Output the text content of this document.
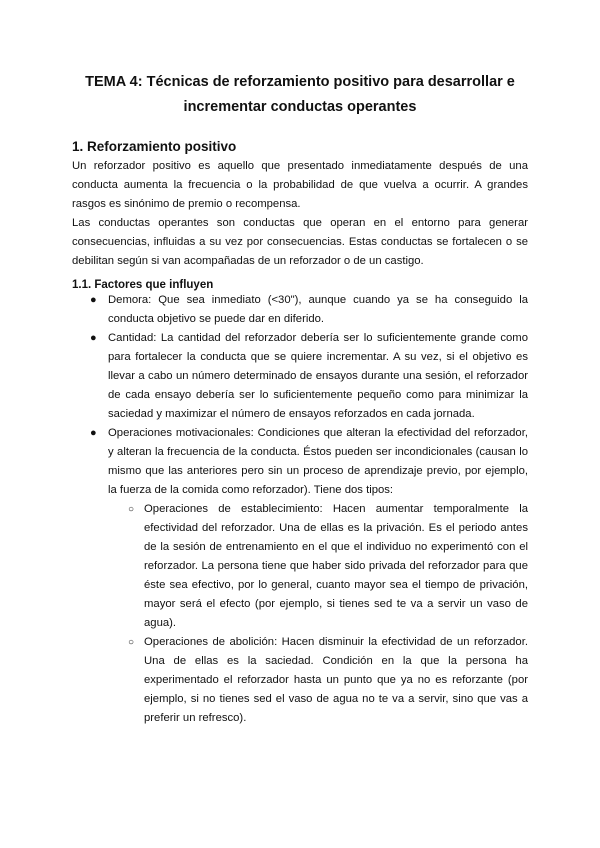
TEMA 4: Técnicas de reforzamiento positivo para desarrollar e
incrementar conductas operantes
1. Reforzamiento positivo
Un reforzador positivo es aquello que presentado inmediatamente después de una conducta aumenta la frecuencia o la probabilidad de que vuelva a ocurrir. A grandes rasgos es sinónimo de premio o recompensa.
Las conductas operantes son conductas que operan en el entorno para generar consecuencias, influidas a su vez por consecuencias. Estas conductas se fortalecen o se debilitan según si van acompañadas de un reforzador o de un castigo.
1.1. Factores que influyen
● Demora: Que sea inmediato (<30"), aunque cuando ya se ha conseguido la conducta objetivo se puede dar en diferido.
● Cantidad: La cantidad del reforzador debería ser lo suficientemente grande como para fortalecer la conducta que se quiere incrementar. A su vez, si el objetivo es llevar a cabo un número determinado de ensayos durante una sesión, el reforzador de cada ensayo debería ser lo suficientemente pequeño como para minimizar la saciedad y maximizar el número de ensayos reforzados en cada jornada.
● Operaciones motivacionales: Condiciones que alteran la efectividad del reforzador, y alteran la frecuencia de la conducta. Éstos pueden ser incondicionales (causan lo mismo que las anteriores pero sin un proceso de aprendizaje previo, por ejemplo, la fuerza de la comida como reforzador). Tiene dos tipos:
○ Operaciones de establecimiento: Hacen aumentar temporalmente la efectividad del reforzador. Una de ellas es la privación. Es el periodo antes de la sesión de entrenamiento en el que el individuo no experimentó con el reforzador. La persona tiene que haber sido privada del reforzador para que éste sea efectivo, por lo general, cuanto mayor sea el tiempo de privación, mayor será el efecto (por ejemplo, si tienes sed te va a servir un vaso de agua).
○ Operaciones de abolición: Hacen disminuir la efectividad de un reforzador. Una de ellas es la saciedad. Condición en la que la persona ha experimentado el reforzador hasta un punto que ya no es reforzante (por ejemplo, si no tienes sed el vaso de agua no te va a servir, sino que vas a preferir un refresco).
